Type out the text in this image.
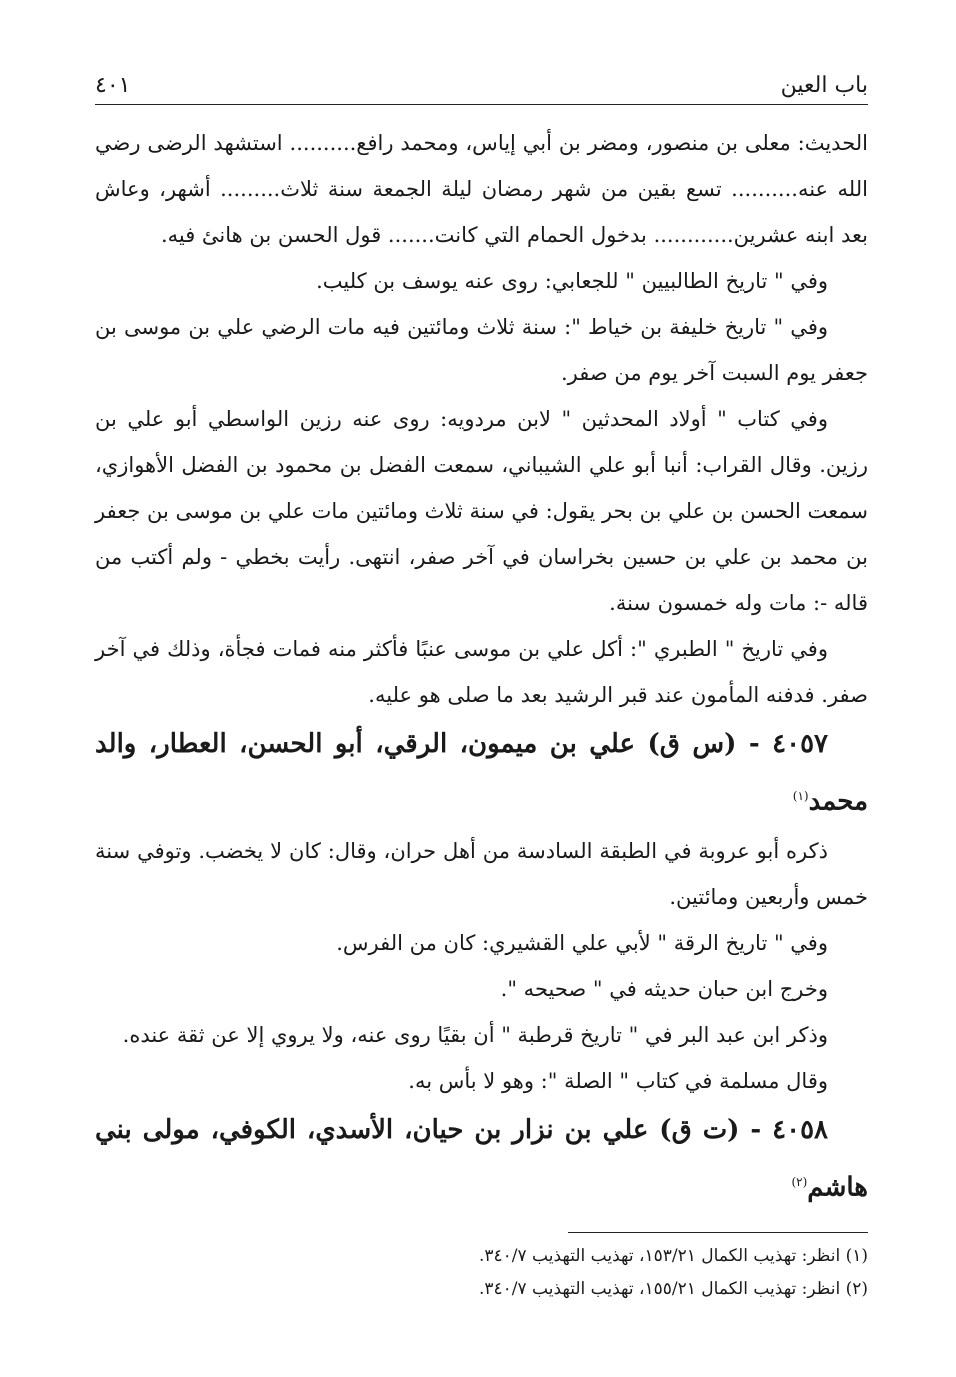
باب العين
٤٠١

الحديث: معلى بن منصور، ومضر بن أبي إياس، ومحمد رافع.......... استشهد الرضى رضي الله عنه.......... تسع بقين من شهر رمضان ليلة الجمعة سنة ثلاث......... أشهر، وعاش بعد ابنه عشرين............ بدخول الحمام التي كانت....... قول الحسن بن هانئ فيه.

وفي " تاريخ الطالبيين " للجعابي: روى عنه يوسف بن كليب.

وفي " تاريخ خليفة بن خياط ": سنة ثلاث ومائتين فيه مات الرضي علي بن موسى بن جعفر يوم السبت آخر يوم من صفر.

وفي كتاب " أولاد المحدثين " لابن مردويه: روى عنه رزين الواسطي أبو علي بن رزين. وقال القراب: أنبا أبو علي الشيباني، سمعت الفضل بن محمود بن الفضل الأهوازي، سمعت الحسن بن علي بن بحر يقول: في سنة ثلاث ومائتين مات علي بن موسى بن جعفر بن محمد بن علي بن حسين بخراسان في آخر صفر، انتهى. رأيت بخطي - ولم أكتب من قاله -: مات وله خمسون سنة.

وفي تاريخ " الطبري ": أكل علي بن موسى عنبًا فأكثر منه فمات فجأة، وذلك في آخر صفر. فدفنه المأمون عند قبر الرشيد بعد ما صلى هو عليه.

٤٠٥٧ - (س ق) علي بن ميمون، الرقي، أبو الحسن، العطار، والد محمد$^{(١)}$

ذكره أبو عروبة في الطبقة السادسة من أهل حران، وقال: كان لا يخضب. وتوفي سنة خمس وأربعين ومائتين.

وفي " تاريخ الرقة " لأبي علي القشيري: كان من الفرس.

وخرج ابن حبان حديثه في " صحيحه ".

وذكر ابن عبد البر في " تاريخ قرطبة " أن بقيًا روى عنه، ولا يروي إلا عن ثقة عنده.

وقال مسلمة في كتاب " الصلة ": وهو لا بأس به.

٤٠٥٨ - (ت ق) علي بن نزار بن حيان، الأسدي، الكوفي، مولى بني هاشم$^{(٢)}$

(١) انظر: تهذيب الكمال ١٥٣/٢١، تهذيب التهذيب ٣٤٠/٧.
(٢) انظر: تهذيب الكمال ١٥٥/٢١، تهذيب التهذيب ٣٤٠/٧.
